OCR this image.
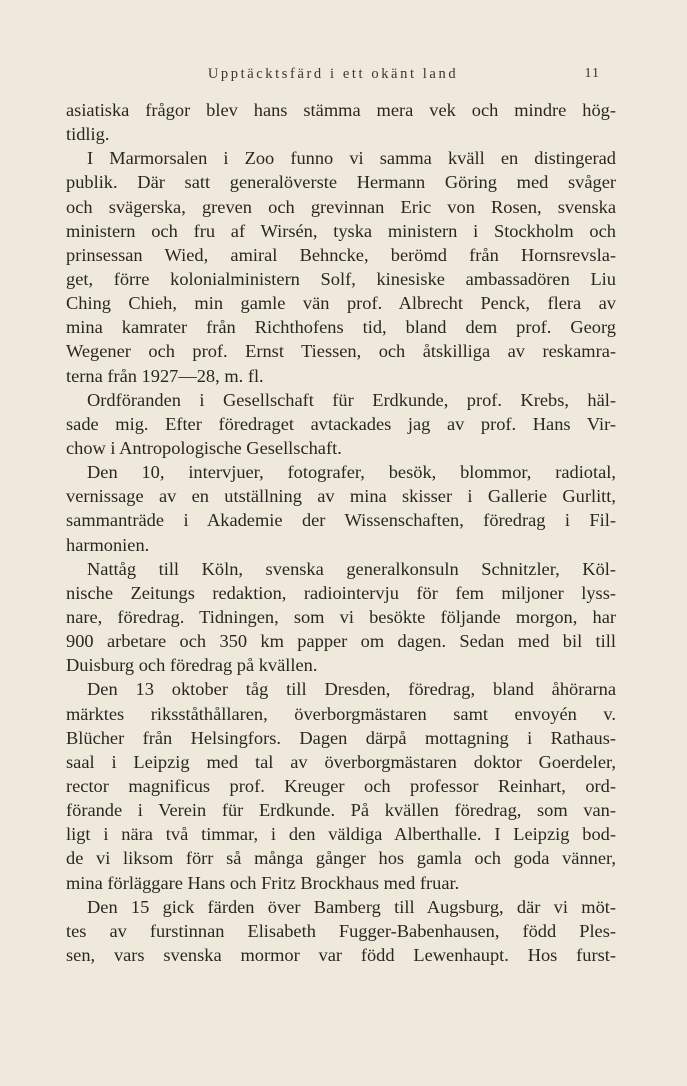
Upptäcktsfärd i ett okänt land	11
asiatiska frågor blev hans stämma mera vek och mindre hög-
tidlig.
I Marmorsalen i Zoo funno vi samma kväll en distingerad
publik. Där satt generalöverste Hermann Göring med svåger
och svägerska, greven och grevinnan Eric von Rosen, svenska
ministern och fru af Wirsén, tyska ministern i Stockholm och
prinsessan Wied, amiral Behncke, berömd från Hornsrevsla-
get, förre kolonialministern Solf, kinesiske ambassadören Liu
Ching Chieh, min gamle vän prof. Albrecht Penck, flera av
mina kamrater från Richthofens tid, bland dem prof. Georg
Wegener och prof. Ernst Tiessen, och åtskilliga av reskamra-
terna från 1927—28, m. fl.
Ordföranden i Gesellschaft für Erdkunde, prof. Krebs, häl-
sade mig. Efter föredraget avtackades jag av prof. Hans Vir-
chow i Antropologische Gesellschaft.
Den 10, intervjuer, fotografer, besök, blommor, radiotal,
vernissage av en utställning av mina skisser i Gallerie Gurlitt,
sammanträde i Akademie der Wissenschaften, föredrag i Fil-
harmonien.
Nattåg till Köln, svenska generalkonsuln Schnitzler, Köl-
nische Zeitungs redaktion, radiointervju för fem miljoner lyss-
nare, föredrag. Tidningen, som vi besökte följande morgon, har
900 arbetare och 350 km papper om dagen. Sedan med bil till
Duisburg och föredrag på kvällen.
Den 13 oktober tåg till Dresden, föredrag, bland åhörarna
märktes riksståthållaren, överborgmästaren samt envoyén v.
Blücher från Helsingfors. Dagen därpå mottagning i Rathaus-
saal i Leipzig med tal av överborgmästaren doktor Goerdeler,
rector magnificus prof. Kreuger och professor Reinhart, ord-
förande i Verein für Erdkunde. På kvällen föredrag, som van-
ligt i nära två timmar, i den väldiga Alberthalle. I Leipzig bod-
de vi liksom förr så många gånger hos gamla och goda vänner,
mina förläggare Hans och Fritz Brockhaus med fruar.
Den 15 gick färden över Bamberg till Augsburg, där vi möt-
tes av furstinnan Elisabeth Fugger-Babenhausen, född Ples-
sen, vars svenska mormor var född Lewenhaupt. Hos furst-
